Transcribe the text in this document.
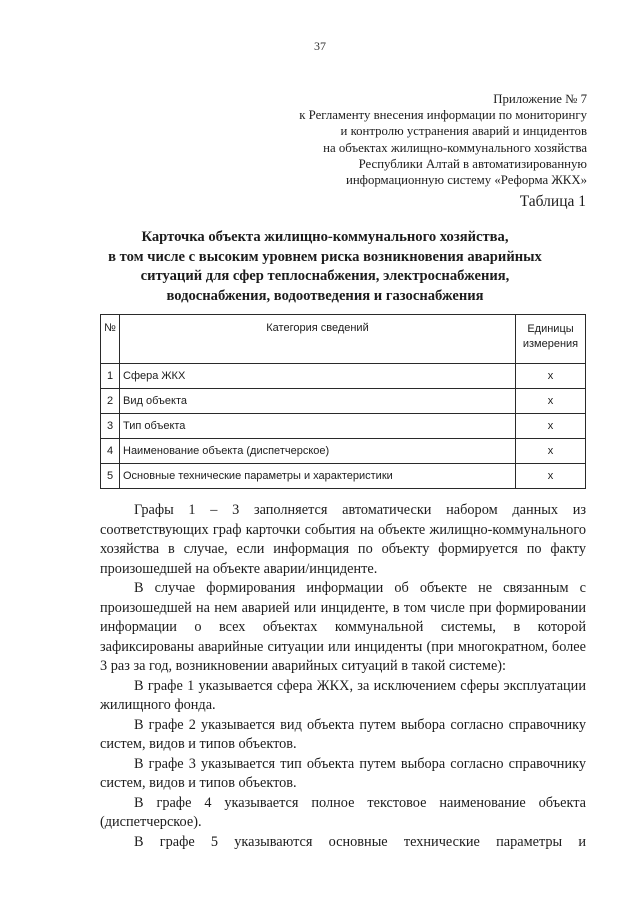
37
Приложение № 7
к Регламенту внесения информации по мониторингу
и контролю устранения аварий и инцидентов
на объектах жилищно-коммунального хозяйства
Республики Алтай в автоматизированную
информационную систему «Реформа ЖКХ»
Таблица 1
Карточка объекта жилищно-коммунального хозяйства,
в том числе с высоким уровнем риска возникновения аварийных
ситуаций для сфер теплоснабжения, электроснабжения,
водоснабжения, водоотведения и газоснабжения
№	Категория сведений	Единицы
измерения

1	Сфера ЖКХ	x
2	Вид объекта	x
3	Тип объекта	x
4	Наименование объекта (диспетчерское)	x
5	Основные технические параметры и характеристики	x

Графы 1 – 3 заполняется автоматически набором данных из соответствующих граф карточки события на объекте жилищно-коммунального хозяйства в случае, если информация по объекту формируется по факту произошедшей на объекте аварии/инциденте.

В случае формирования информации об объекте не связанным с произошедшей на нем аварией или инциденте, в том числе при формировании информации о всех объектах коммунальной системы, в которой зафиксированы аварийные ситуации или инциденты (при многократном, более 3 раз за год, возникновении аварийных ситуаций в такой системе):

В графе 1 указывается сфера ЖКХ, за исключением сферы эксплуатации жилищного фонда.

В графе 2 указывается вид объекта путем выбора согласно справочнику систем, видов и типов объектов.

В графе 3 указывается тип объекта путем выбора согласно справочнику систем, видов и типов объектов.

В графе 4 указывается полное текстовое наименование объекта (диспетчерское).

В графе 5 указываются основные технические параметры и
